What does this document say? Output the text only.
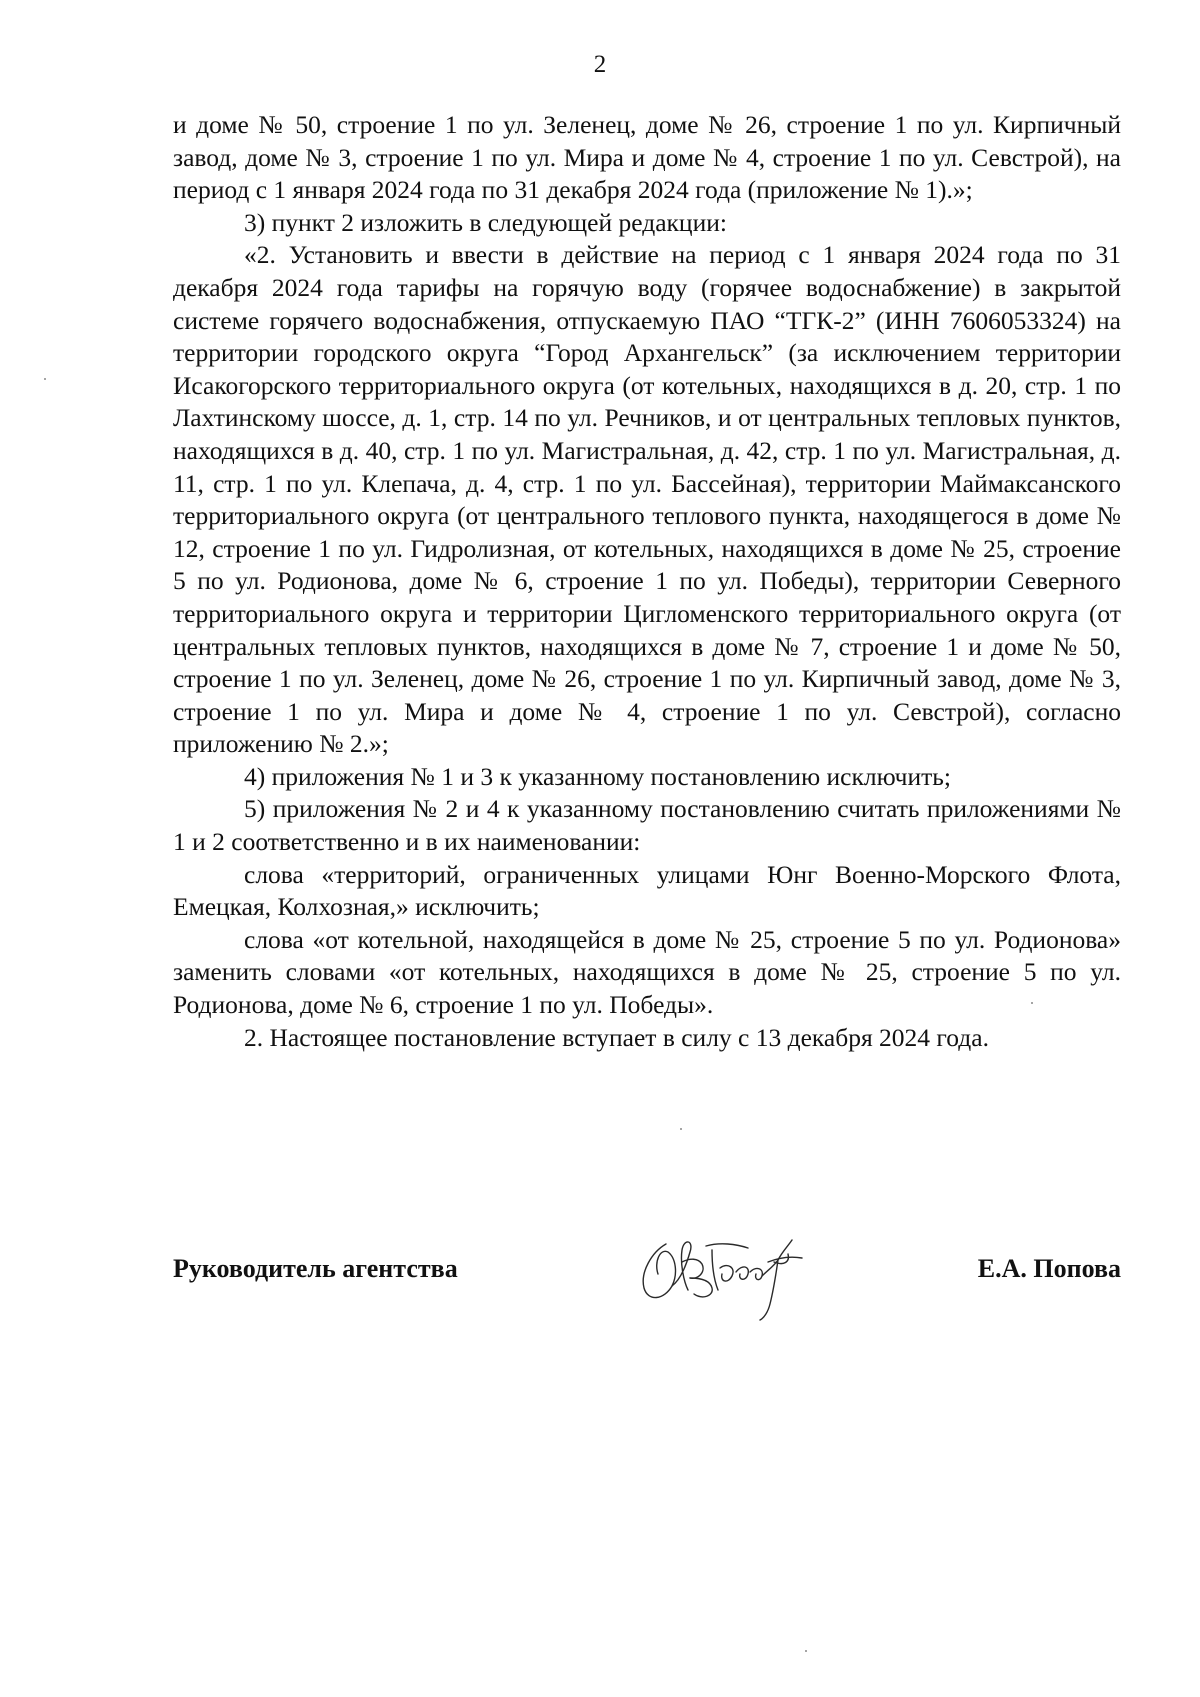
2

и доме № 50, строение 1 по ул. Зеленец, доме № 26, строение 1 по ул. Кирпичный завод, доме № 3, строение 1 по ул. Мира и доме № 4, строение 1 по ул. Севстрой), на период с 1 января 2024 года по 31 декабря 2024 года (приложение № 1).»;

3) пункт 2 изложить в следующей редакции:

«2. Установить и ввести в действие на период с 1 января 2024 года по 31 декабря 2024 года тарифы на горячую воду (горячее водоснабжение) в закрытой системе горячего водоснабжения, отпускаемую ПАО “ТГК-2” (ИНН 7606053324) на территории городского округа “Город Архангельск” (за исключением территории Исакогорского территориального округа (от котельных, находящихся в д. 20, стр. 1 по Лахтинскому шоссе, д. 1, стр. 14 по ул. Речников, и от центральных тепловых пунктов, находящихся в д. 40, стр. 1 по ул. Магистральная, д. 42, стр. 1 по ул. Магистральная, д. 11, стр. 1 по ул. Клепача, д. 4, стр. 1 по ул. Бассейная), территории Маймаксанского территориального округа (от центрального теплового пункта, находящегося в доме № 12, строение 1 по ул. Гидролизная, от котельных, находящихся в доме № 25, строение 5 по ул. Родионова, доме № 6, строение 1 по ул. Победы), территории Северного территориального округа и территории Цигломенского территориального округа (от центральных тепловых пунктов, находящихся в доме № 7, строение 1 и доме № 50, строение 1 по ул. Зеленец, доме № 26, строение 1 по ул. Кирпичный завод, доме № 3, строение 1 по ул. Мира и доме № 4, строение 1 по ул. Севстрой), согласно приложению № 2.»;

4) приложения № 1 и 3 к указанному постановлению исключить;

5) приложения № 2 и 4 к указанному постановлению считать приложениями № 1 и 2 соответственно и в их наименовании:

слова «территорий, ограниченных улицами Юнг Военно-Морского Флота, Емецкая, Колхозная,» исключить;

слова «от котельной, находящейся в доме № 25, строение 5 по ул. Родионова» заменить словами «от котельных, находящихся в доме № 25, строение 5 по ул. Родионова, доме № 6, строение 1 по ул. Победы».

2. Настоящее постановление вступает в силу с 13 декабря 2024 года.

Руководитель агентства	Е.А. Попова
